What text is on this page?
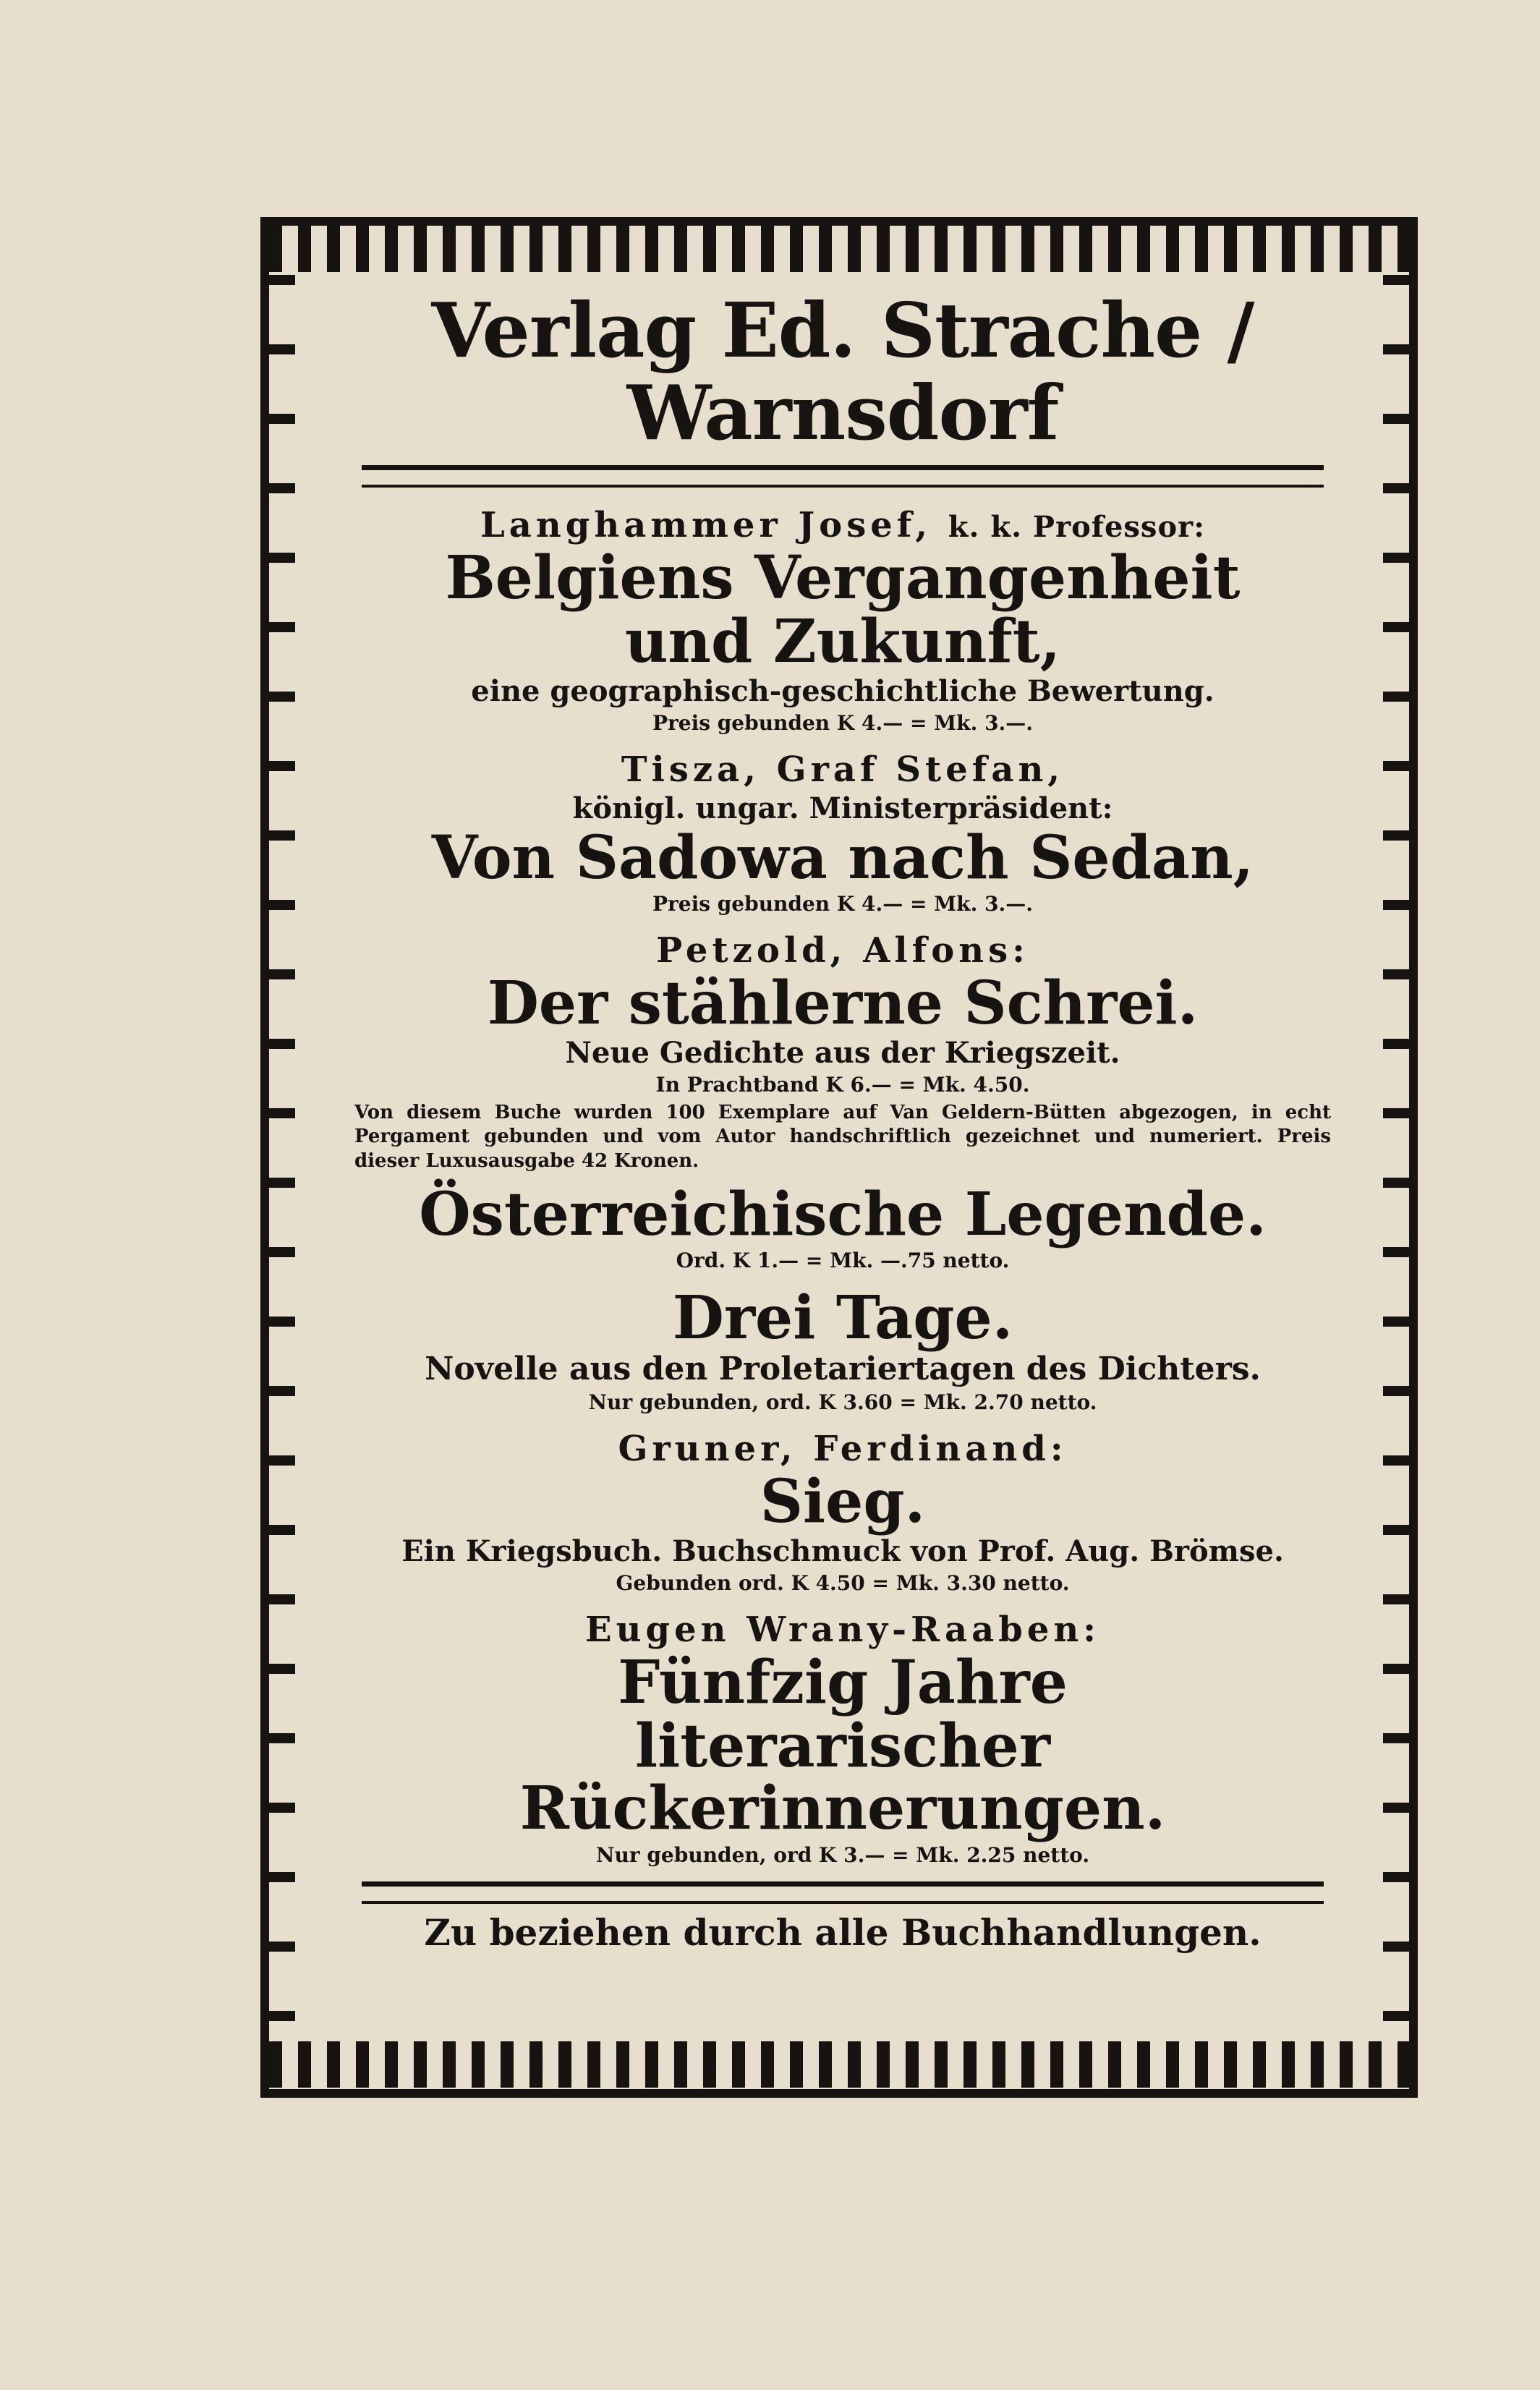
Verlag Ed. Strache / Warnsdorf
Langhammer Josef, k. k. Professor:
Belgiens Vergangenheit
und Zukunft,
eine geographisch-geschichtliche Bewertung.
Preis gebunden K 4.— = Mk. 3.—.
Tisza, Graf Stefan,
königl. ungar. Ministerpräsident:
Von Sadowa nach Sedan,
Preis gebunden K 4.— = Mk. 3.—.
Petzold, Alfons:
Der stählerne Schrei.
Neue Gedichte aus der Kriegszeit.
In Prachtband K 6.— = Mk. 4.50.
Von diesem Buche wurden 100 Exemplare auf Van Geldern-Bütten abgezogen, in echt Pergament gebunden und vom Autor handschriftlich gezeichnet und numeriert. Preis dieser Luxusausgabe 42 Kronen.
Österreichische Legende.
Ord. K 1.— = Mk. —.75 netto.
Drei Tage.
Novelle aus den Proletariertagen des Dichters.
Nur gebunden, ord. K 3.60 = Mk. 2.70 netto.
Gruner, Ferdinand:
Sieg.
Ein Kriegsbuch. Buchschmuck von Prof. Aug. Brömse.
Gebunden ord. K 4.50 = Mk. 3.30 netto.
Eugen Wrany-Raaben:
Fünfzig Jahre
literarischer Rückerinnerungen.
Nur gebunden, ord K 3.— = Mk. 2.25 netto.
Zu beziehen durch alle Buchhandlungen.
